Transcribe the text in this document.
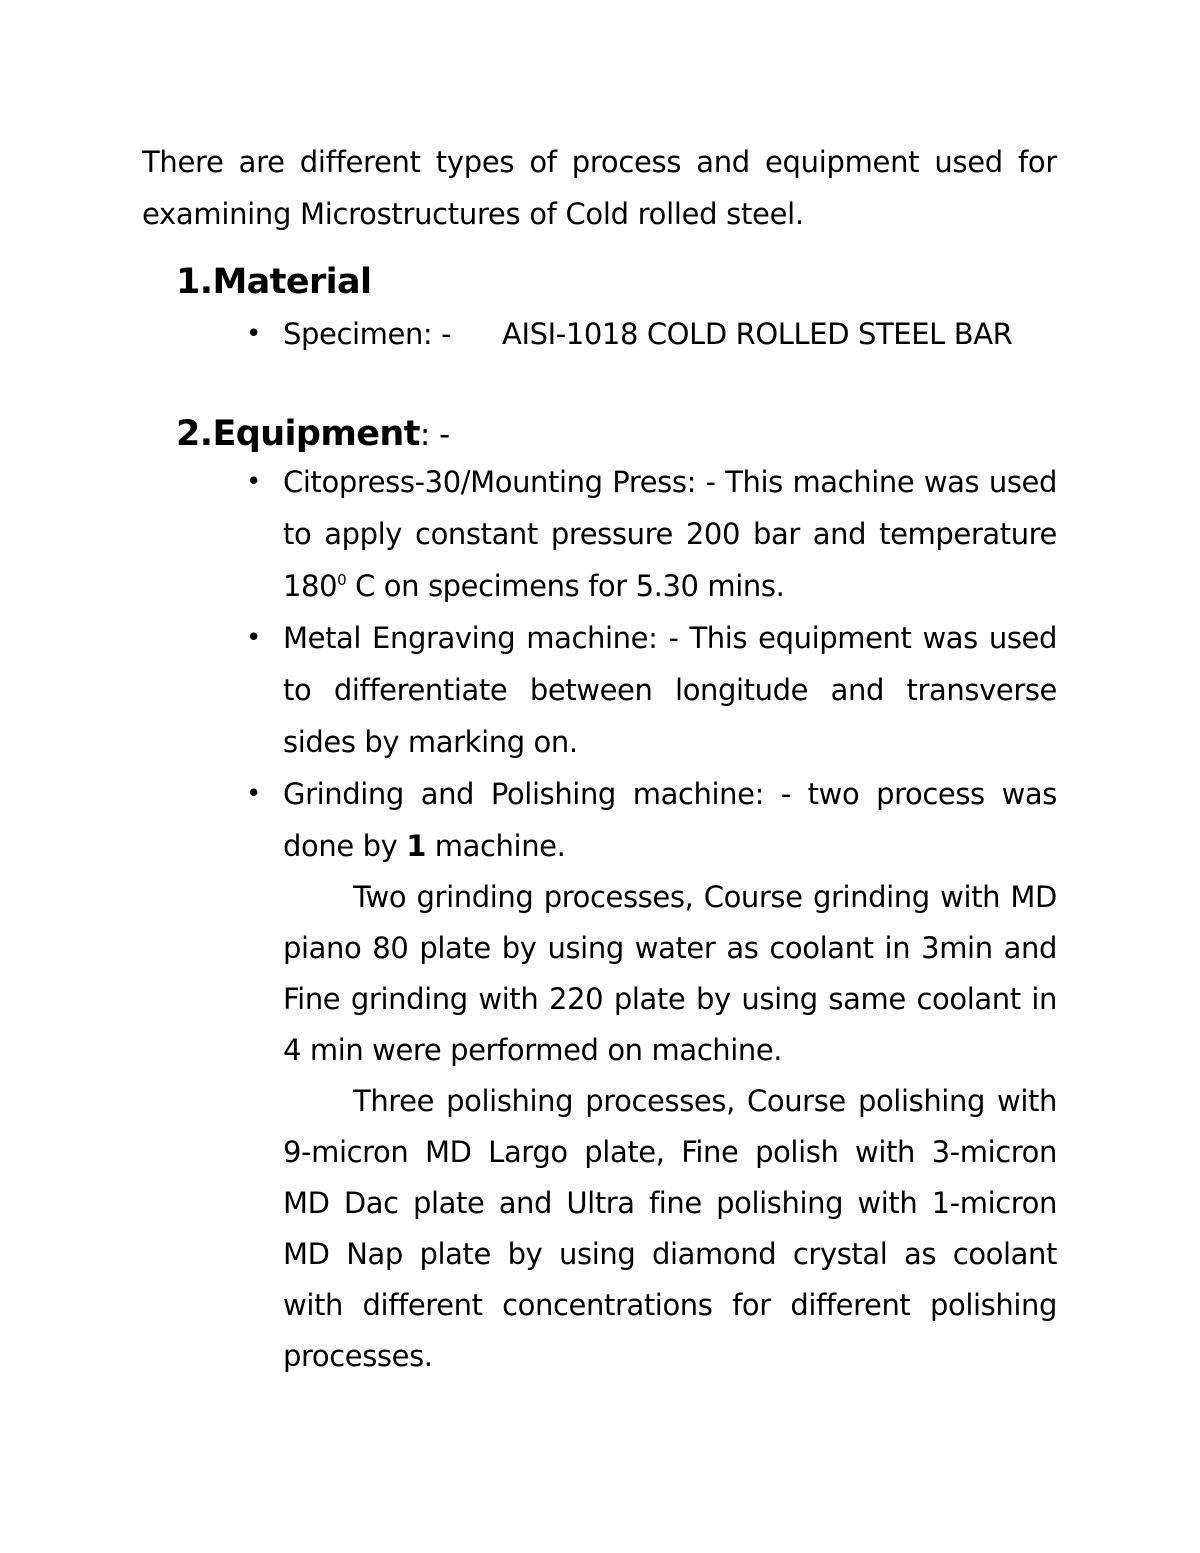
There are different types of process and equipment used for
examining Microstructures of Cold rolled steel.

1.Material
• Specimen: - AISI-1018 COLD ROLLED STEEL BAR
2.Equipment: -
• Citopress-30/Mounting Press: - This machine was used to apply constant pressure 200 bar and temperature $180^0$ C on specimens for 5.30 mins.
• Metal Engraving machine: - This equipment was used to differentiate between longitude and transverse sides by marking on.
• Grinding and Polishing machine: - two process was done by 1 machine.

Two grinding processes, Course grinding with MD piano 80 plate by using water as coolant in 3min and Fine grinding with 220 plate by using same coolant in 4 min were performed on machine.

Three polishing processes, Course polishing with 9-micron MD Largo plate, Fine polish with 3-micron MD Dac plate and Ultra fine polishing with 1-micron MD Nap plate by using diamond crystal as coolant with different concentrations for different polishing processes.
